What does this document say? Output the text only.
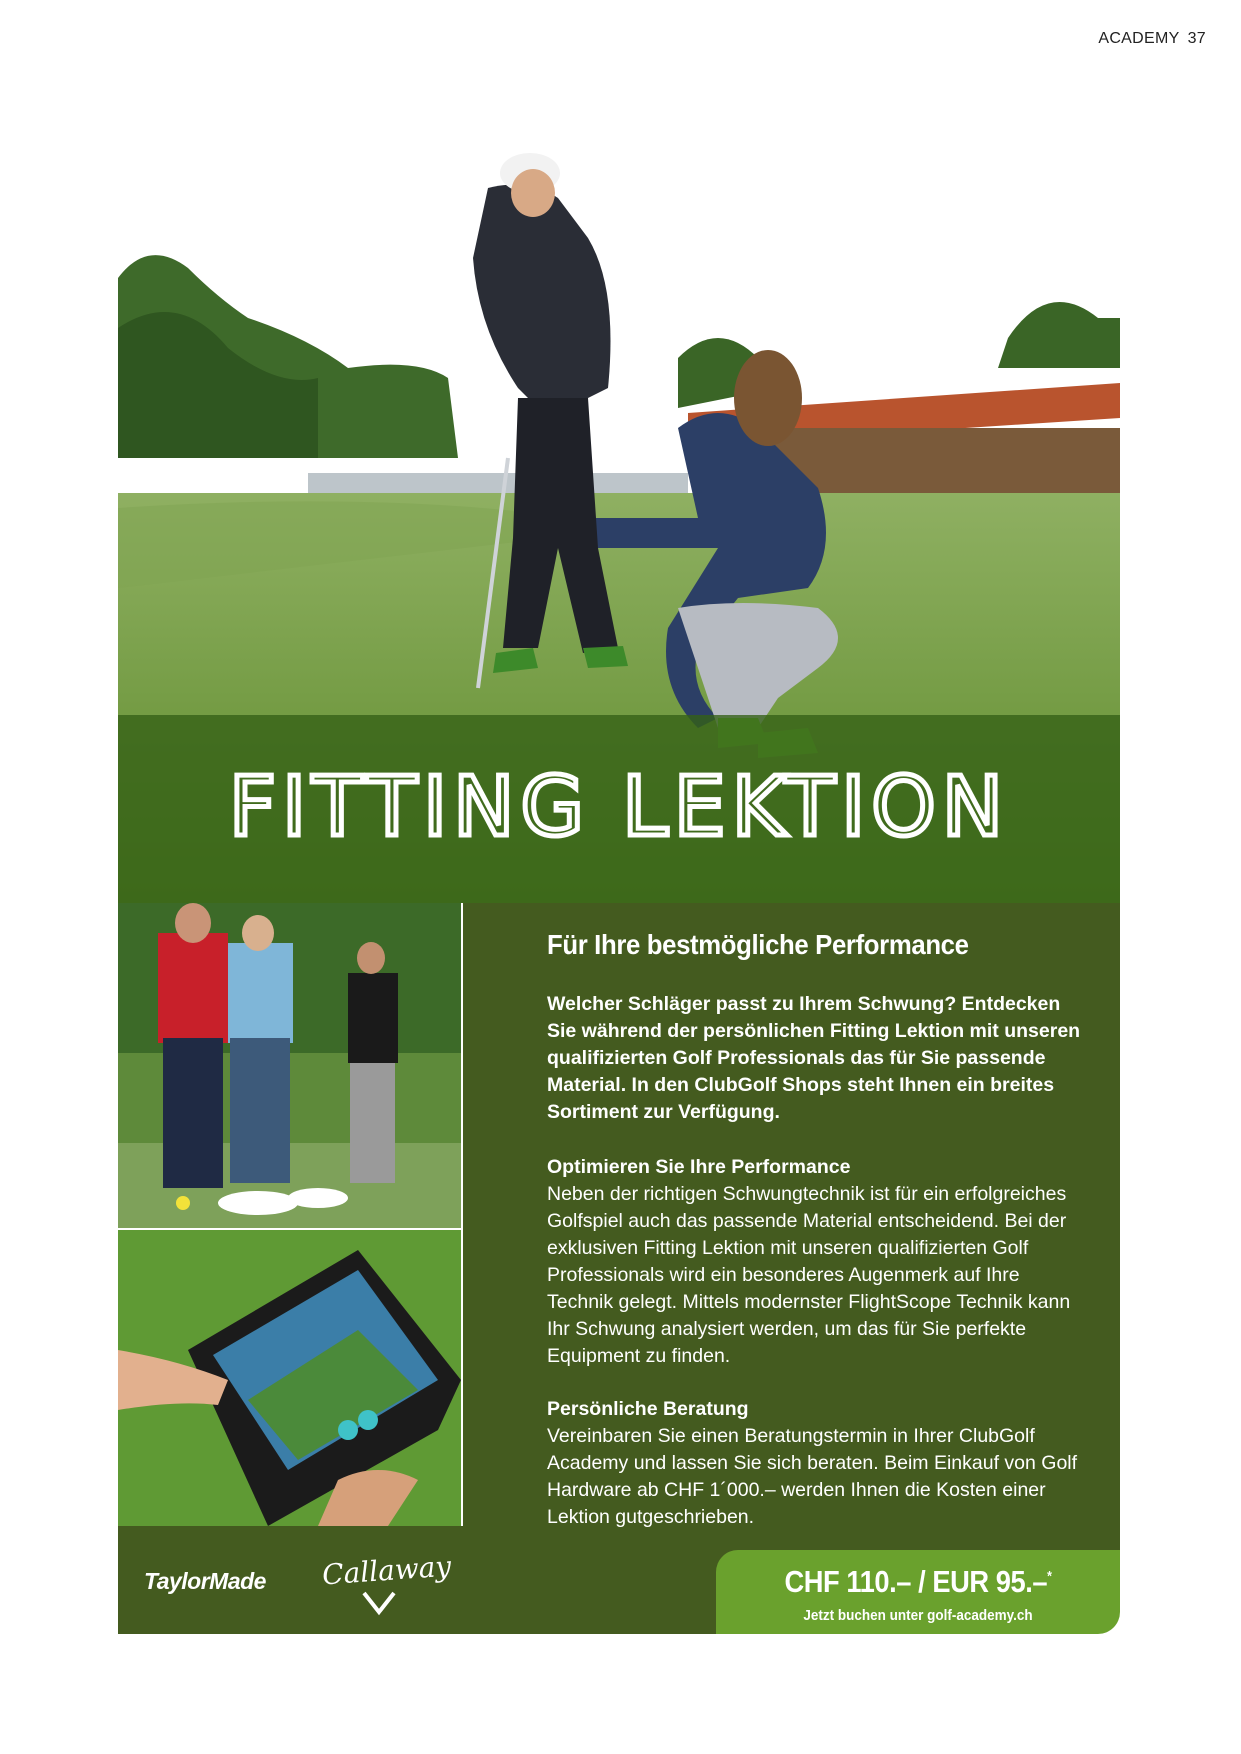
ACADEMY 37
FITTING LEKTION
Für Ihre bestmögliche Performance

Welcher Schläger passt zu Ihrem Schwung? Entdecken Sie während der persönlichen Fitting Lektion mit unseren qualifizierten Golf Professionals das für Sie passende Material. In den ClubGolf Shops steht Ihnen ein breites Sortiment zur Verfügung.

Optimieren Sie Ihre Performance

Neben der richtigen Schwungtechnik ist für ein erfolgreiches Golfspiel auch das passende Material entscheidend. Bei der exklusiven Fitting Lektion mit unseren qualifizierten Golf Professionals wird ein besonderes Augenmerk auf Ihre Technik gelegt. Mittels modernster FlightScope Technik kann Ihr Schwung analysiert werden, um das für Sie perfekte Equipment zu finden.

Persönliche Beratung

Vereinbaren Sie einen Beratungstermin in Ihrer ClubGolf Academy und lassen Sie sich beraten. Beim Einkauf von Golf Hardware ab CHF 1´000.– werden Ihnen die Kosten einer Lektion gutgeschrieben.

TaylorMade Callaway	CHF 110.– / EUR 95.–*
Jetzt buchen unter golf-academy.ch
